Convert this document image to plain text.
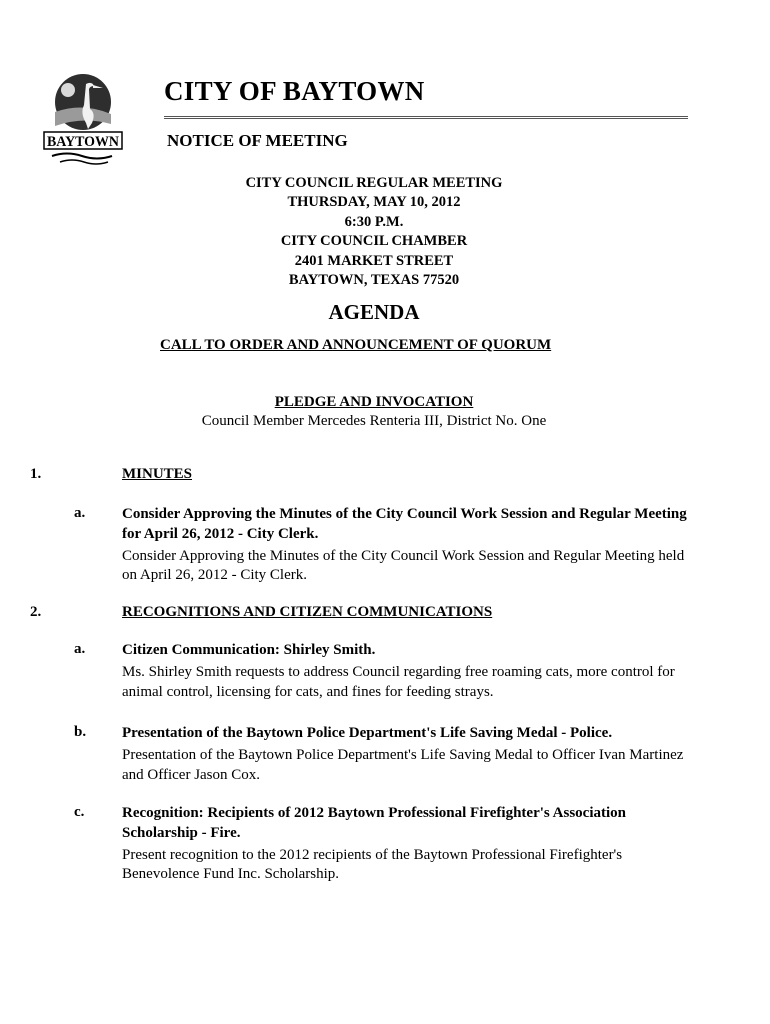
BAYTOWN
CITY OF BAYTOWN
NOTICE OF MEETING
CITY COUNCIL REGULAR MEETING
THURSDAY, MAY 10, 2012
6:30 P.M.
CITY COUNCIL CHAMBER
2401 MARKET STREET
BAYTOWN, TEXAS 77520
AGENDA
CALL TO ORDER AND ANNOUNCEMENT OF QUORUM
PLEDGE AND INVOCATION
Council Member Mercedes Renteria III, District No. One
1.	MINUTES
a. Consider Approving the Minutes of the City Council Work Session and Regular Meeting for April 26, 2012 - City Clerk.
Consider Approving the Minutes of the City Council Work Session and Regular Meeting held on April 26, 2012 - City Clerk.
2.	RECOGNITIONS AND CITIZEN COMMUNICATIONS
a. Citizen Communication: Shirley Smith.
Ms. Shirley Smith requests to address Council regarding free roaming cats, more control for animal control, licensing for cats, and fines for feeding strays.
b. Presentation of the Baytown Police Department's Life Saving Medal - Police.
Presentation of the Baytown Police Department's Life Saving Medal to Officer Ivan Martinez and Officer Jason Cox.
c.	Recognition: Recipients of 2012 Baytown Professional Firefighter's Association Scholarship - Fire.
Present recognition to the 2012 recipients of the Baytown Professional Firefighter's Benevolence Fund Inc. Scholarship.
